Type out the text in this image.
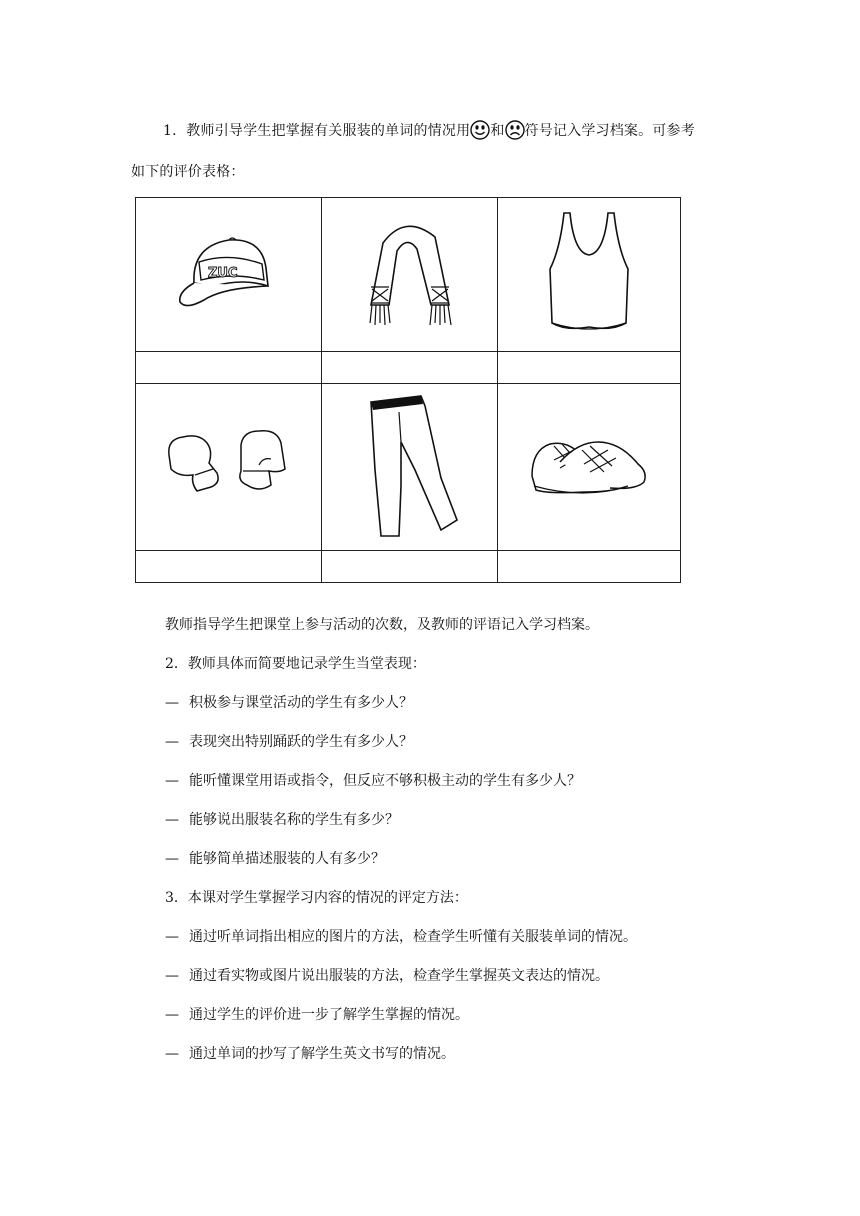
1．教师引导学生把掌握有关服装的单词的情况用 和 符号记入学习档案。可参考
如下的评价表格：
ZUC

教师指导学生把课堂上参与活动的次数，及教师的评语记入学习档案。
2．教师具体而简要地记录学生当堂表现：
— 积极参与课堂活动的学生有多少人？
— 表现突出特别踊跃的学生有多少人？
— 能听懂课堂用语或指令，但反应不够积极主动的学生有多少人？
— 能够说出服装名称的学生有多少？
— 能够简单描述服装的人有多少？
3．本课对学生掌握学习内容的情况的评定方法：
— 通过听单词指出相应的图片的方法，检查学生听懂有关服装单词的情况。
— 通过看实物或图片说出服装的方法，检查学生掌握英文表达的情况。
— 通过学生的评价进一步了解学生掌握的情况。
— 通过单词的抄写了解学生英文书写的情况。
